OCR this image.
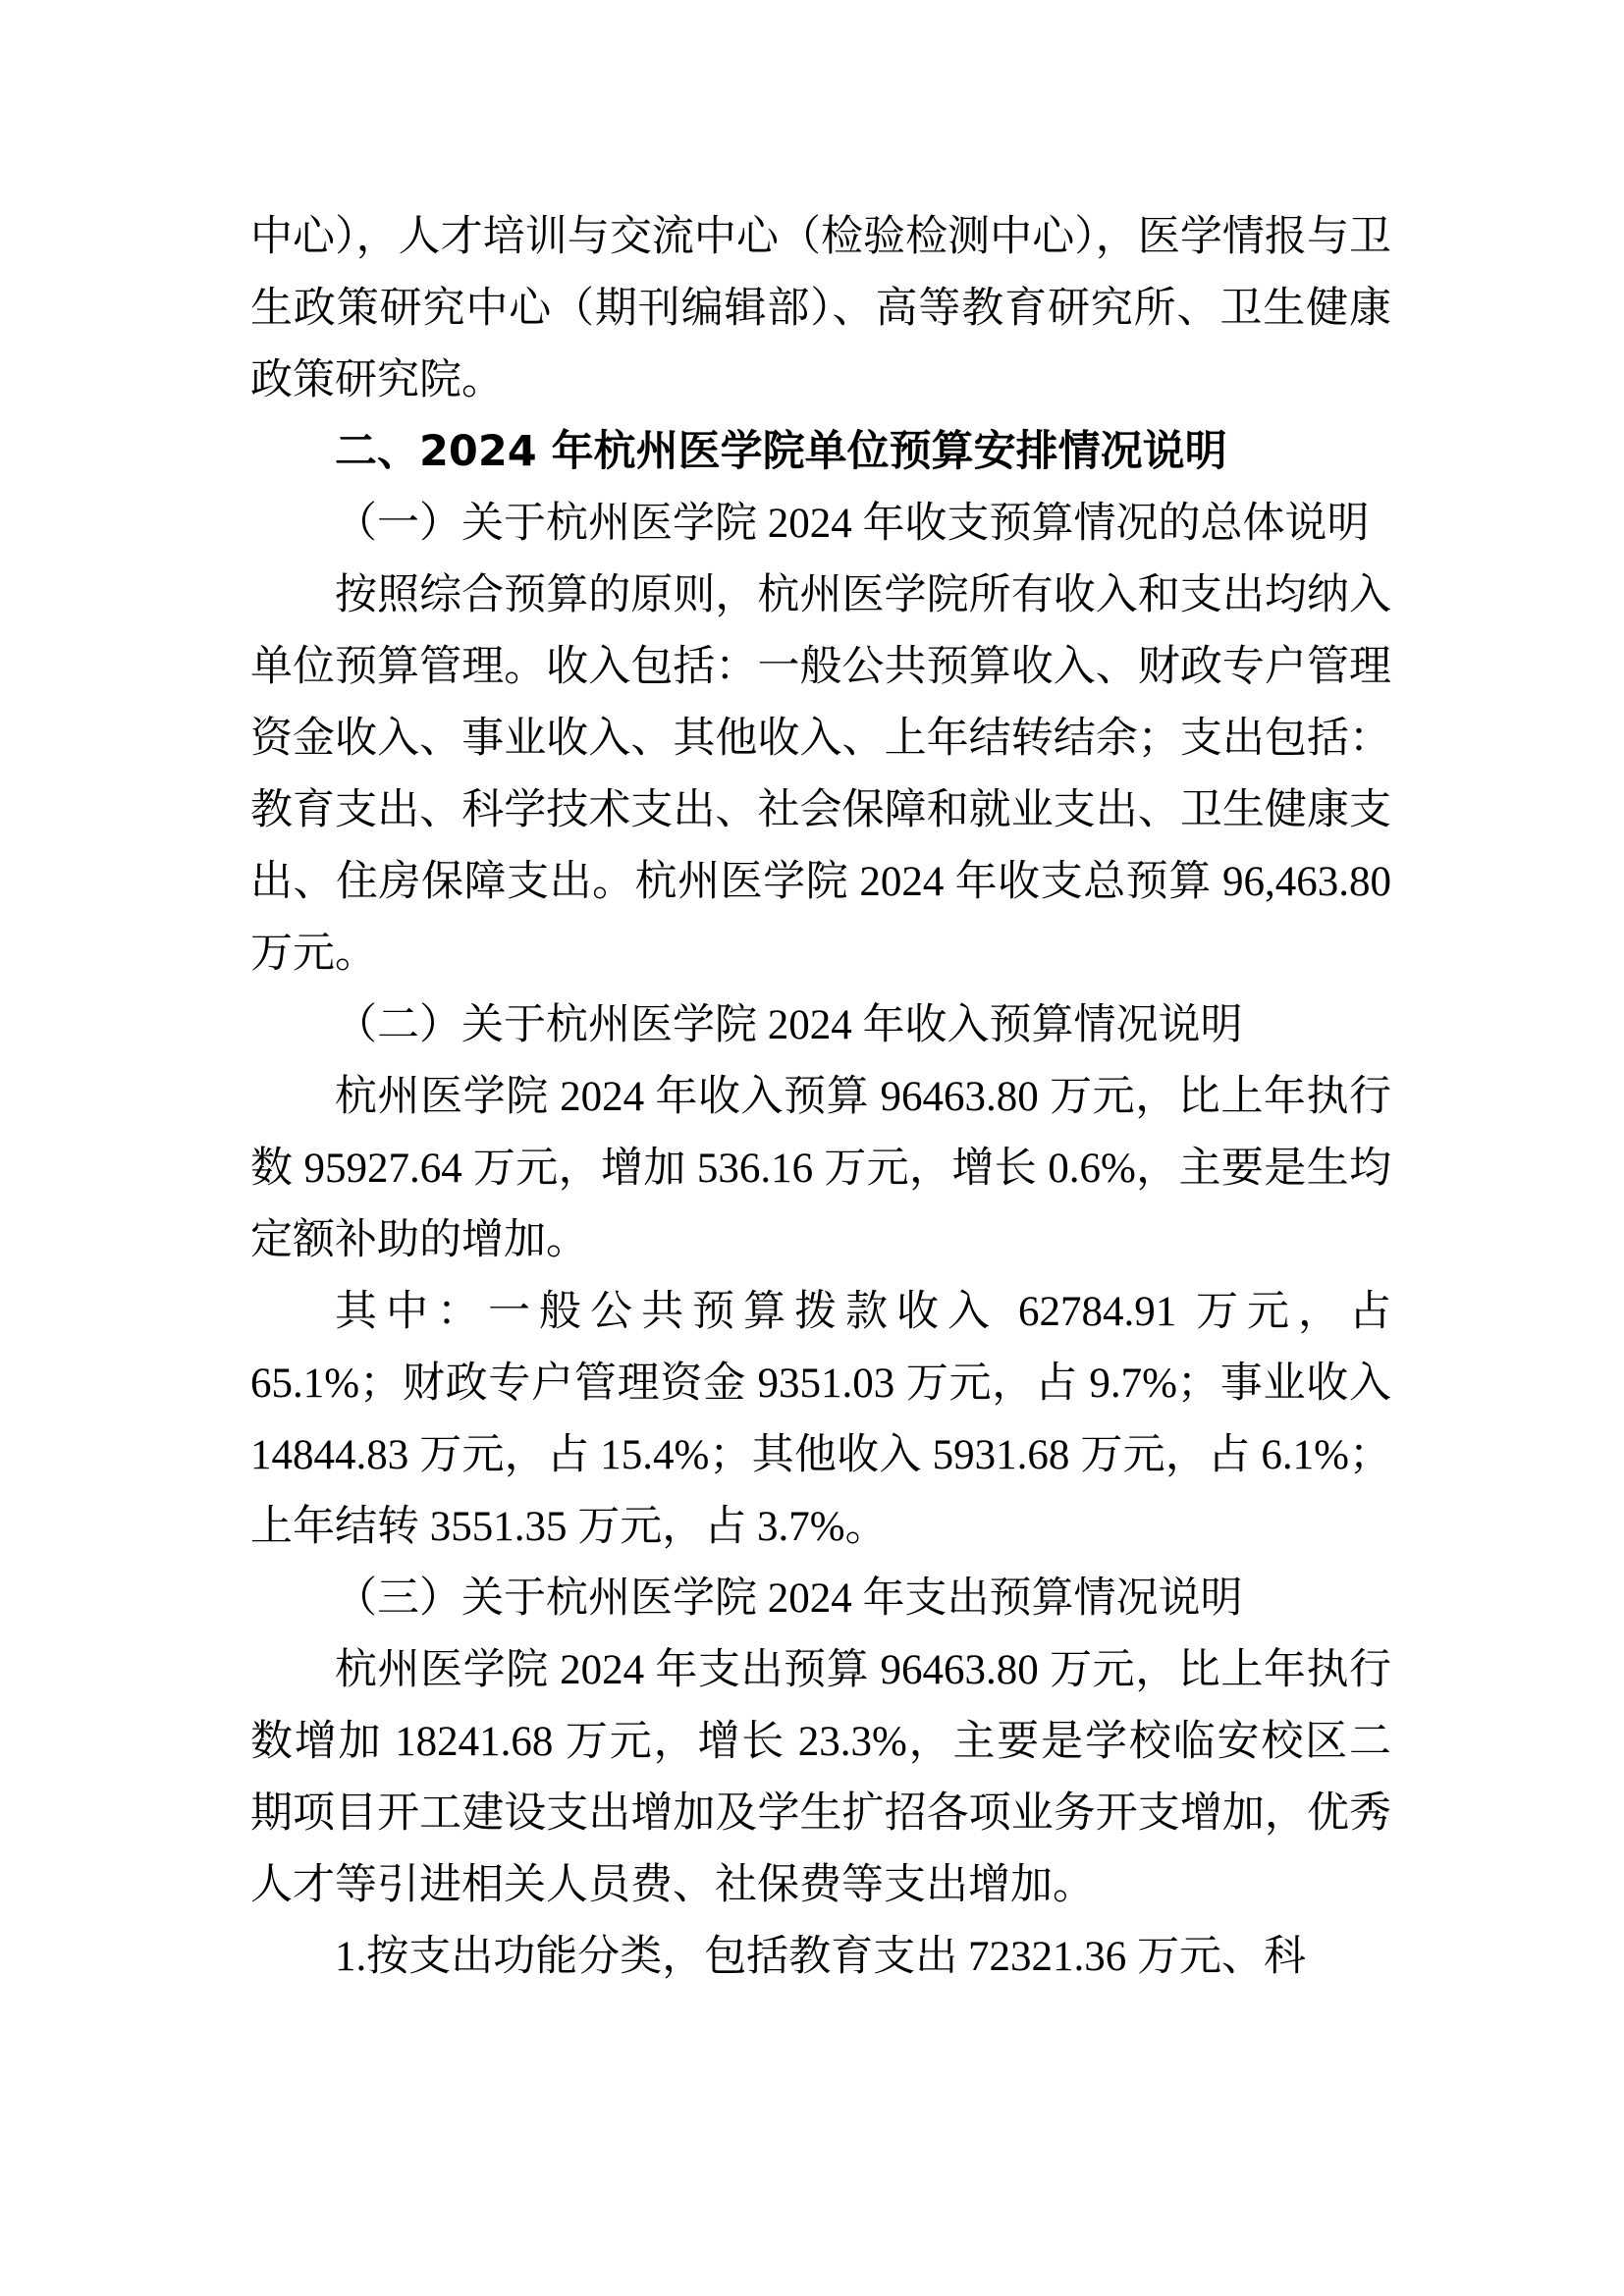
中心），人才培训与交流中心（检验检测中心），医学情报与卫生政策研究中心（期刊编辑部）、高等教育研究所、卫生健康政策研究院。

二、2024 年杭州医学院单位预算安排情况说明

（一）关于杭州医学院 2024 年收支预算情况的总体说明

按照综合预算的原则，杭州医学院所有收入和支出均纳入单位预算管理。收入包括：一般公共预算收入、财政专户管理资金收入、事业收入、其他收入、上年结转结余；支出包括：教育支出、科学技术支出、社会保障和就业支出、卫生健康支出、住房保障支出。杭州医学院 2024 年收支总预算 96,463.80 万元。

（二）关于杭州医学院 2024 年收入预算情况说明

杭州医学院 2024 年收入预算 96463.80 万元，比上年执行数 95927.64 万元，增加 536.16 万元，增长 0.6%，主要是生均定额补助的增加。

其中：一般公共预算拨款收入 62784.91 万元，占 65.1%；财政专户管理资金 9351.03 万元，占 9.7%；事业收入 14844.83 万元，占 15.4%；其他收入 5931.68 万元，占 6.1%；上年结转 3551.35 万元，占 3.7%。

（三）关于杭州医学院 2024 年支出预算情况说明

杭州医学院 2024 年支出预算 96463.80 万元，比上年执行数增加 18241.68 万元，增长 23.3%，主要是学校临安校区二期项目开工建设支出增加及学生扩招各项业务开支增加，优秀人才等引进相关人员费、社保费等支出增加。

1.按支出功能分类，包括教育支出 72321.36 万元、科
